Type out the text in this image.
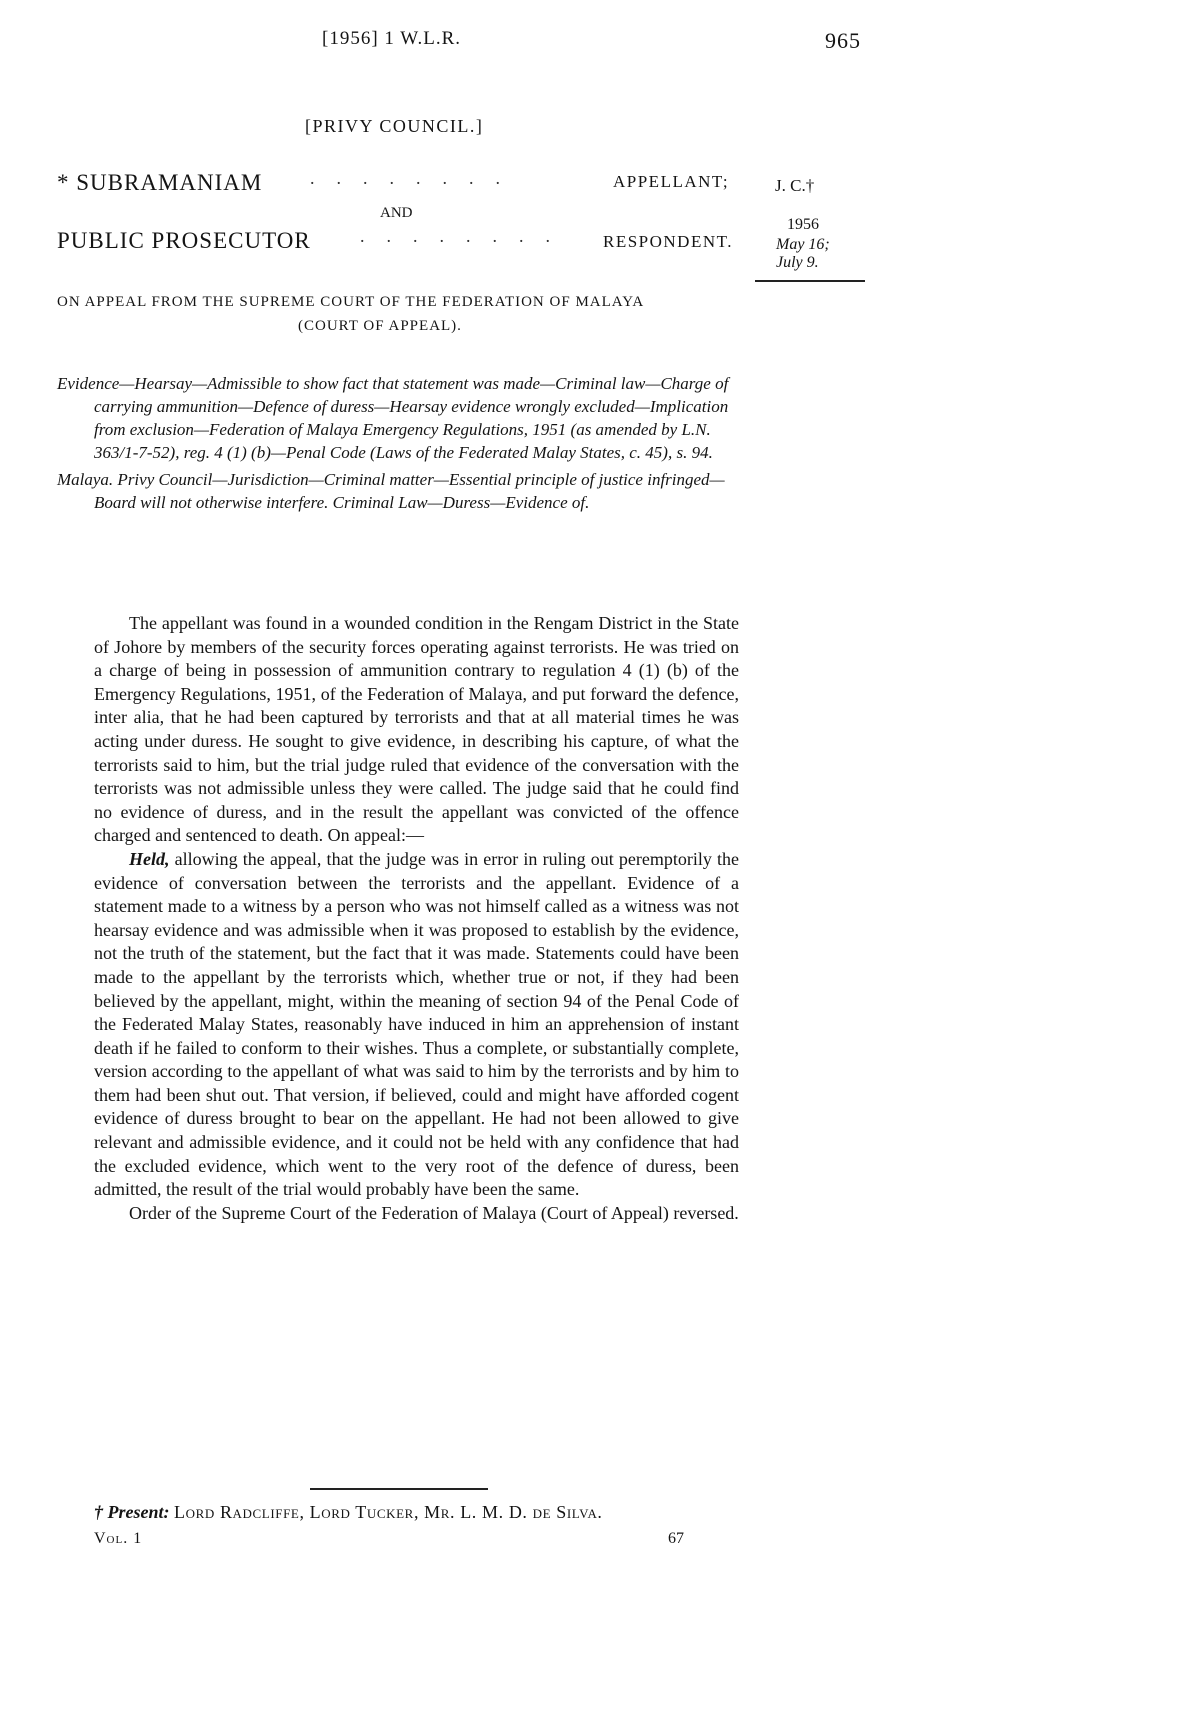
[1956] 1 W.L.R.	965
[PRIVY COUNCIL.]
* SUBRAMANIAM	........	APPELLANT;
AND
PUBLIC PROSECUTOR	........ RESPONDENT.
J. C.†
1956
May 16;
July 9.
ON APPEAL FROM THE SUPREME COURT OF THE FEDERATION OF MALAYA
(COURT OF APPEAL).

Evidence—Hearsay—Admissible to show fact that statement was made—Criminal law—Charge of carrying ammunition—Defence of duress—Hearsay evidence wrongly excluded—Implication from exclusion—Federation of Malaya Emergency Regulations, 1951 (as amended by L.N. 363/1-7-52), reg. 4 (1) (b)—Penal Code (Laws of the Federated Malay States, c. 45), s. 94.

Malaya. Privy Council—Jurisdiction—Criminal matter—Essential principle of justice infringed—Board will not otherwise interfere. Criminal Law—Duress—Evidence of.

The appellant was found in a wounded condition in the Rengam District in the State of Johore by members of the security forces operating against terrorists. He was tried on a charge of being in possession of ammunition contrary to regulation 4 (1) (b) of the Emergency Regulations, 1951, of the Federation of Malaya, and put forward the defence, inter alia, that he had been captured by terrorists and that at all material times he was acting under duress. He sought to give evidence, in describing his capture, of what the terrorists said to him, but the trial judge ruled that evidence of the conversation with the terrorists was not admissible unless they were called. The judge said that he could find no evidence of duress, and in the result the appellant was convicted of the offence charged and sentenced to death. On appeal:—

Held, allowing the appeal, that the judge was in error in ruling out peremptorily the evidence of conversation between the terrorists and the appellant. Evidence of a statement made to a witness by a person who was not himself called as a witness was not hearsay evidence and was admissible when it was proposed to establish by the evidence, not the truth of the statement, but the fact that it was made. Statements could have been made to the appellant by the terrorists which, whether true or not, if they had been believed by the appellant, might, within the meaning of section 94 of the Penal Code of the Federated Malay States, reasonably have induced in him an apprehension of instant death if he failed to conform to their wishes. Thus a complete, or substantially complete, version according to the appellant of what was said to him by the terrorists and by him to them had been shut out. That version, if believed, could and might have afforded cogent evidence of duress brought to bear on the appellant. He had not been allowed to give relevant and admissible evidence, and it could not be held with any confidence that had the excluded evidence, which went to the very root of the defence of duress, been admitted, the result of the trial would probably have been the same.

Order of the Supreme Court of the Federation of Malaya (Court of Appeal) reversed.

† Present: Lord Radcliffe, Lord Tucker, Mr. L. M. D. de Silva.
Vol. 1	67
